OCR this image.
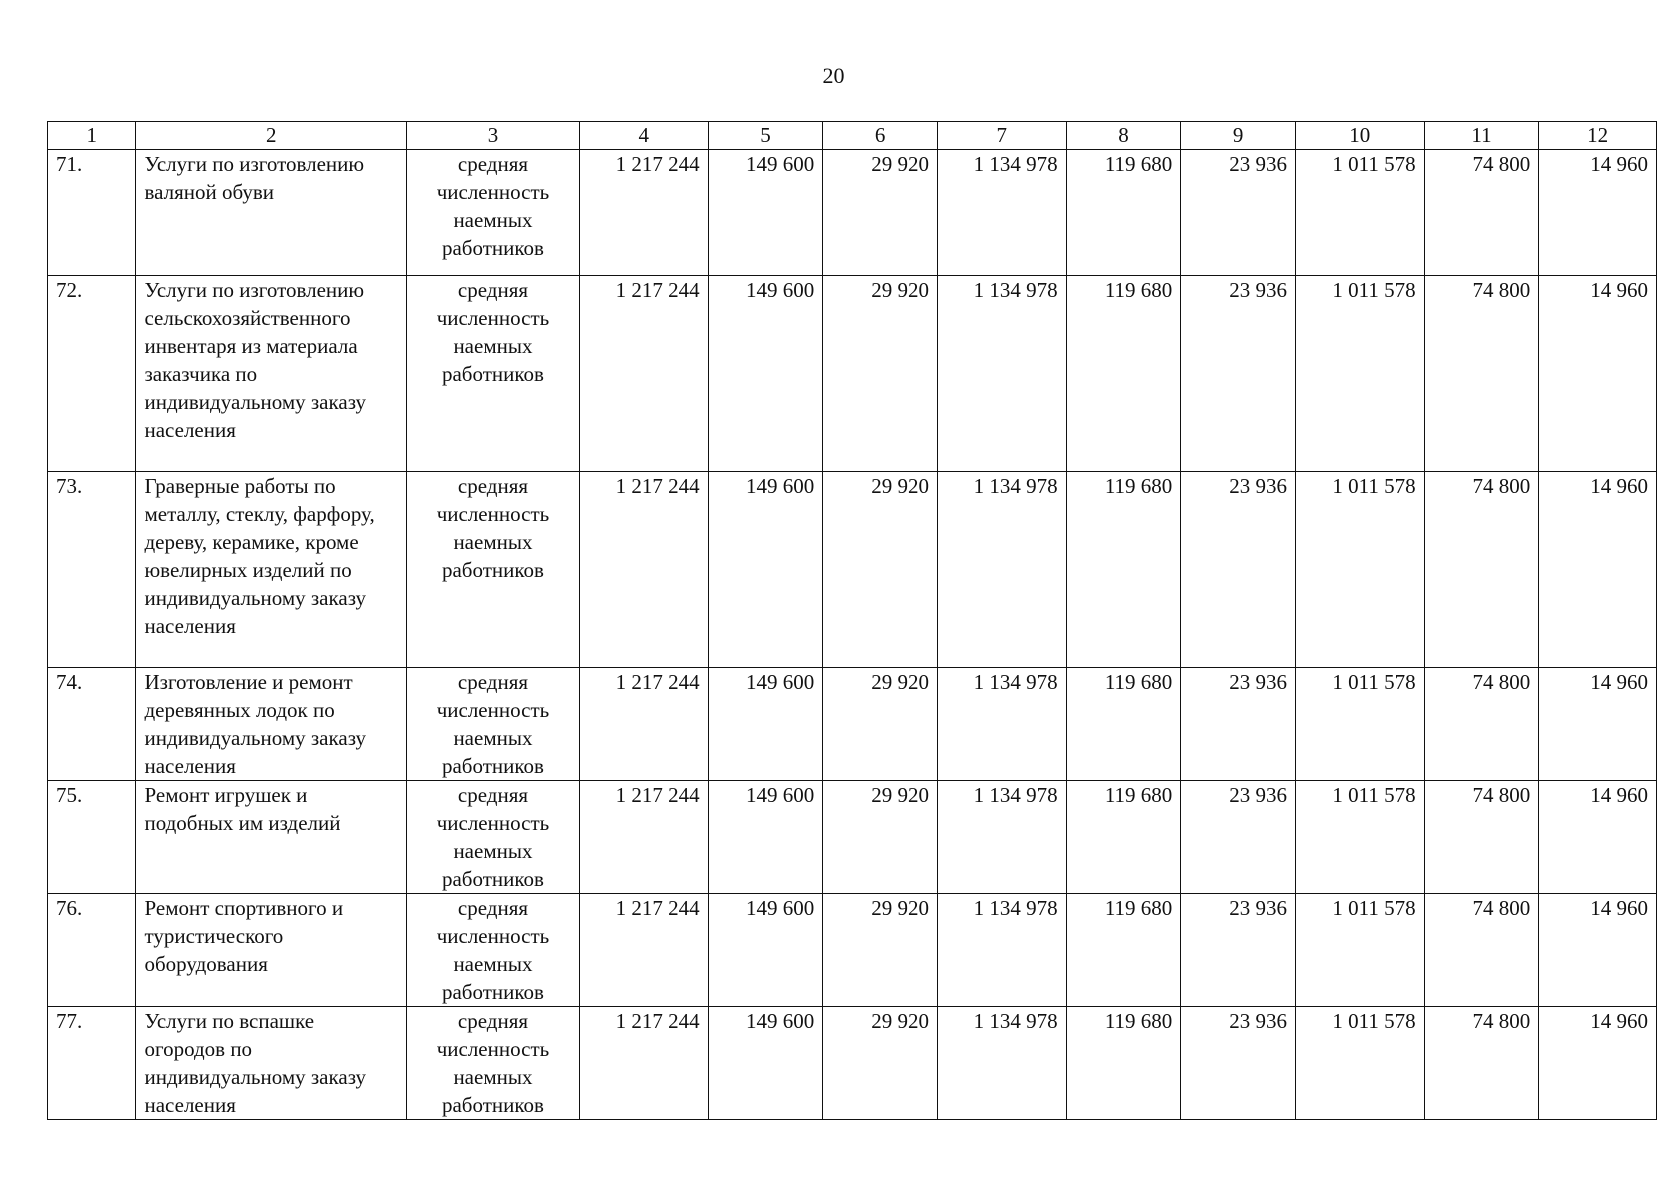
20
1	2	3	4	5	6	7	8	9	10	11	12
71.	Услуги по изготовлению валяной обуви	средняя численность наемных работников	1 217 244	149 600	29 920	1 134 978	119 680	23 936	1 011 578	74 800	14 960
72.	Услуги по изготовлению сельскохозяйственного инвентаря из материала заказчика по индивидуальному заказу населения	средняя численность наемных работников	1 217 244	149 600	29 920	1 134 978	119 680	23 936	1 011 578	74 800	14 960
73.	Граверные работы по металлу, стеклу, фарфору, дереву, керамике, кроме ювелирных изделий по индивидуальному заказу населения	средняя численность наемных работников	1 217 244	149 600	29 920	1 134 978	119 680	23 936	1 011 578	74 800	14 960
74.	Изготовление и ремонт деревянных лодок по индивидуальному заказу населения	средняя численность наемных работников	1 217 244	149 600	29 920	1 134 978	119 680	23 936	1 011 578	74 800	14 960
75.	Ремонт игрушек и подобных им изделий	средняя численность наемных работников	1 217 244	149 600	29 920	1 134 978	119 680	23 936	1 011 578	74 800	14 960
76.	Ремонт спортивного и туристического оборудования	средняя численность наемных работников	1 217 244	149 600	29 920	1 134 978	119 680	23 936	1 011 578	74 800	14 960
77.	Услуги по вспашке огородов по индивидуальному заказу населения	средняя численность наемных работников	1 217 244	149 600	29 920	1 134 978	119 680	23 936	1 011 578	74 800	14 960
